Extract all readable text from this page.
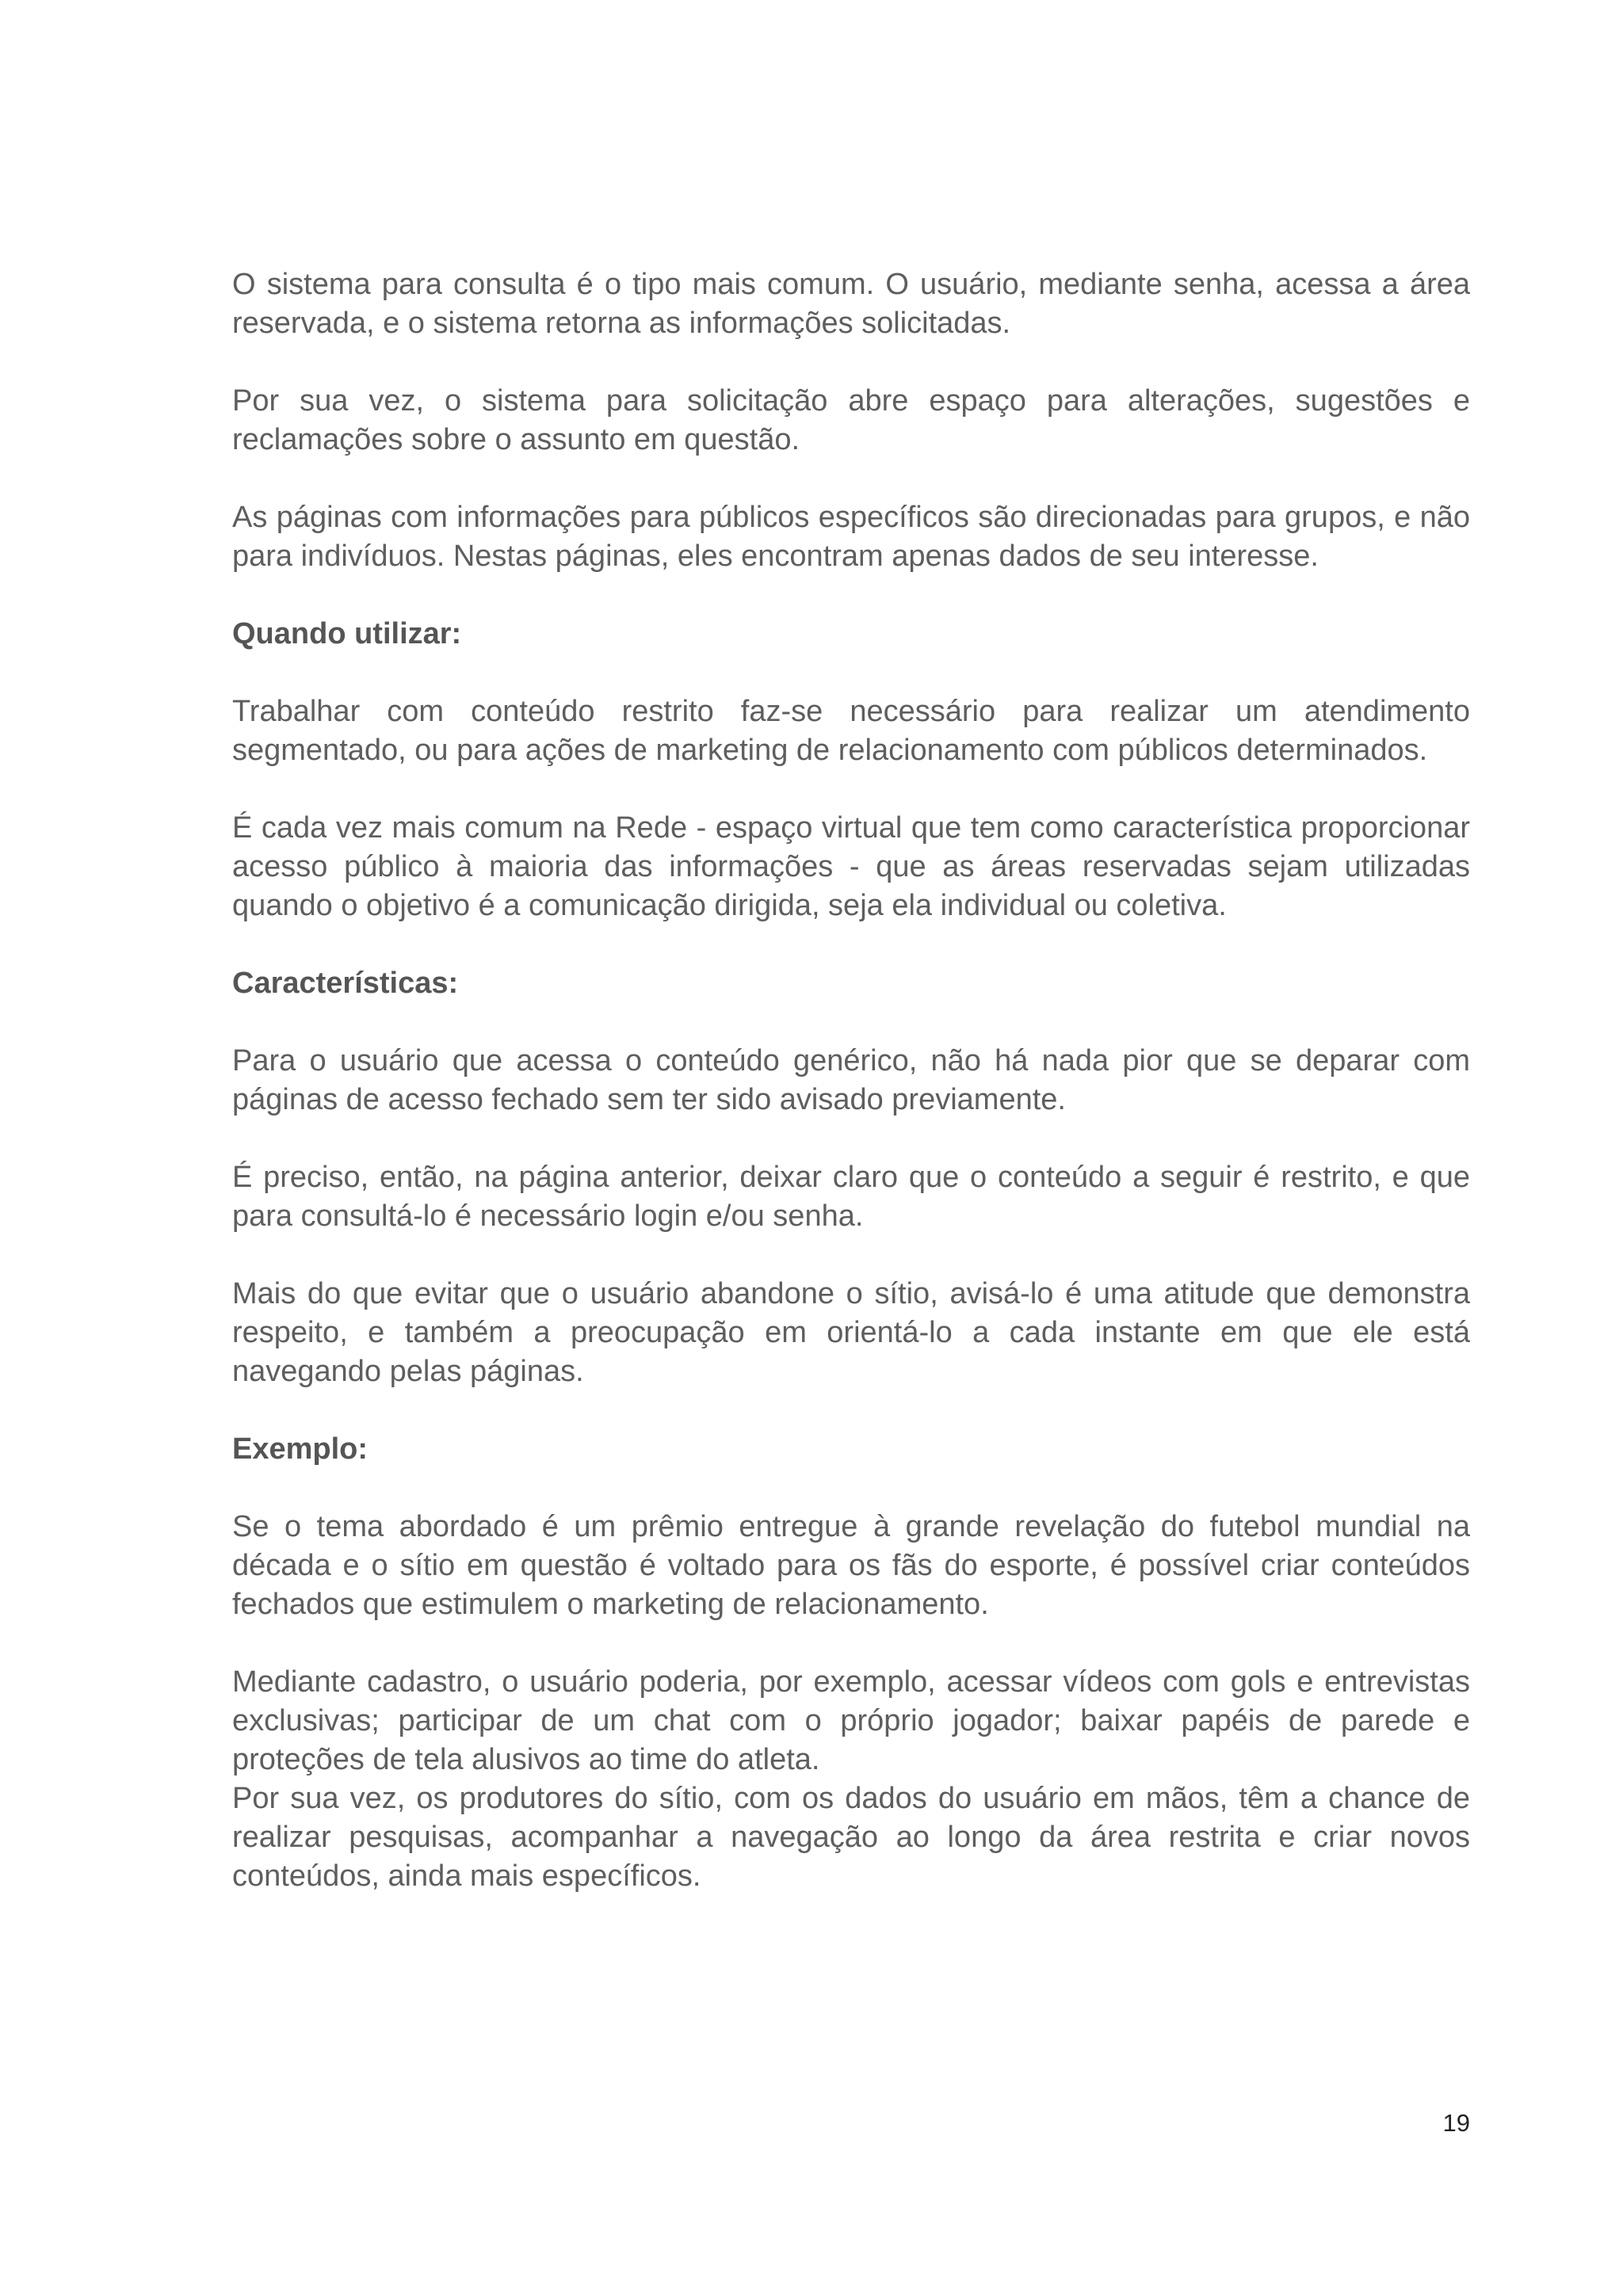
O sistema para consulta é o tipo mais comum. O usuário, mediante senha, acessa a área reservada, e o sistema retorna as informações solicitadas.

Por sua vez, o sistema para solicitação abre espaço para alterações, sugestões e reclamações sobre o assunto em questão.

As páginas com informações para públicos específicos são direcionadas para grupos, e não para indivíduos. Nestas páginas, eles encontram apenas dados de seu interesse.

Quando utilizar:

Trabalhar com conteúdo restrito faz-se necessário para realizar um atendimento segmentado, ou para ações de marketing de relacionamento com públicos determinados.

É cada vez mais comum na Rede - espaço virtual que tem como característica proporcionar acesso público à maioria das informações - que as áreas reservadas sejam utilizadas quando o objetivo é a comunicação dirigida, seja ela individual ou coletiva.

Características:

Para o usuário que acessa o conteúdo genérico, não há nada pior que se deparar com páginas de acesso fechado sem ter sido avisado previamente.

É preciso, então, na página anterior, deixar claro que o conteúdo a seguir é restrito, e que para consultá-lo é necessário login e/ou senha.

Mais do que evitar que o usuário abandone o sítio, avisá-lo é uma atitude que demonstra respeito, e também a preocupação em orientá-lo a cada instante em que ele está navegando pelas páginas.

Exemplo:

Se o tema abordado é um prêmio entregue à grande revelação do futebol mundial na década e o sítio em questão é voltado para os fãs do esporte, é possível criar conteúdos fechados que estimulem o marketing de relacionamento.

Mediante cadastro, o usuário poderia, por exemplo, acessar vídeos com gols e entrevistas exclusivas; participar de um chat com o próprio jogador; baixar papéis de parede e proteções de tela alusivos ao time do atleta.

Por sua vez, os produtores do sítio, com os dados do usuário em mãos, têm a chance de realizar pesquisas, acompanhar a navegação ao longo da área restrita e criar novos conteúdos, ainda mais específicos.

19
